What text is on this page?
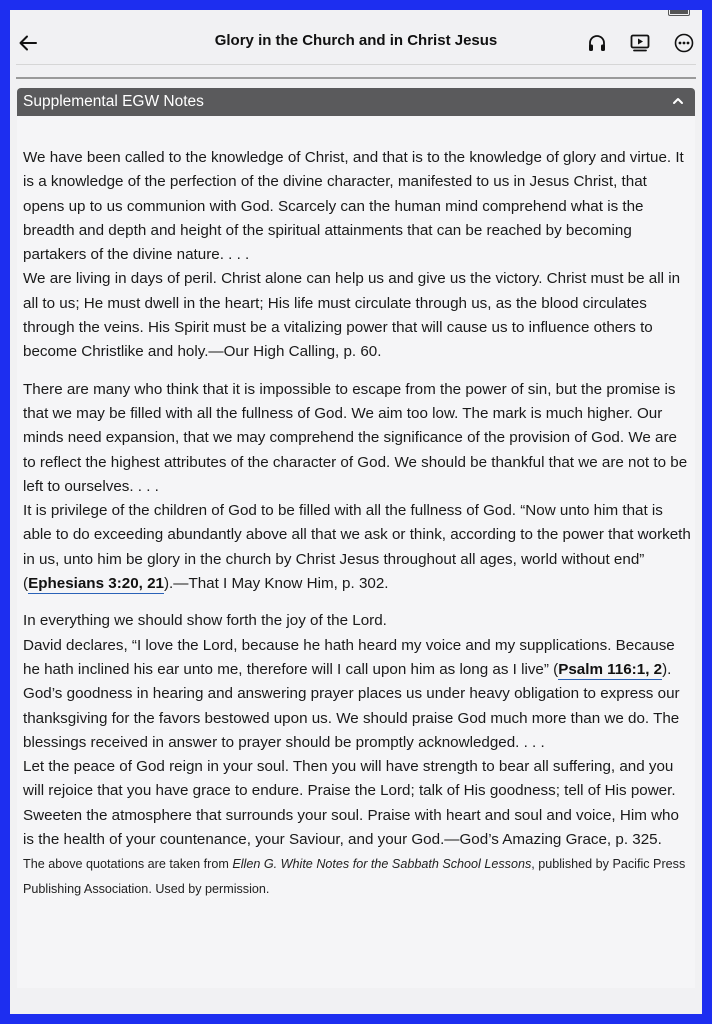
Glory in the Church and in Christ Jesus
Supplemental EGW Notes

We have been called to the knowledge of Christ, and that is to the knowledge of glory and virtue. It is a knowledge of the perfection of the divine character, manifested to us in Jesus Christ, that opens up to us communion with God. Scarcely can the human mind comprehend what is the breadth and depth and height of the spiritual attainments that can be reached by becoming partakers of the divine nature. . . .

We are living in days of peril. Christ alone can help us and give us the victory. Christ must be all in all to us; He must dwell in the heart; His life must circulate through us, as the blood circulates through the veins. His Spirit must be a vitalizing power that will cause us to influence others to become Christlike and holy.—Our High Calling, p. 60.

There are many who think that it is impossible to escape from the power of sin, but the promise is that we may be filled with all the fullness of God. We aim too low. The mark is much higher. Our minds need expansion, that we may comprehend the significance of the provision of God. We are to reflect the highest attributes of the character of God. We should be thankful that we are not to be left to ourselves. . . .

It is privilege of the children of God to be filled with all the fullness of God. “Now unto him that is able to do exceeding abundantly above all that we ask or think, according to the power that worketh in us, unto him be glory in the church by Christ Jesus throughout all ages, world without end” (Ephesians 3:20, 21).—That I May Know Him, p. 302.

In everything we should show forth the joy of the Lord.

David declares, “I love the Lord, because he hath heard my voice and my supplications. Because he hath inclined his ear unto me, therefore will I call upon him as long as I live” (Psalm 116:1, 2). God’s goodness in hearing and answering prayer places us under heavy obligation to express our thanksgiving for the favors bestowed upon us. We should praise God much more than we do. The blessings received in answer to prayer should be promptly acknowledged. . . .

Let the peace of God reign in your soul. Then you will have strength to bear all suffering, and you will rejoice that you have grace to endure. Praise the Lord; talk of His goodness; tell of His power. Sweeten the atmosphere that surrounds your soul. Praise with heart and soul and voice, Him who is the health of your countenance, your Saviour, and your God.—God’s Amazing Grace, p. 325.

The above quotations are taken from Ellen G. White Notes for the Sabbath School Lessons, published by Pacific Press Publishing Association. Used by permission.
